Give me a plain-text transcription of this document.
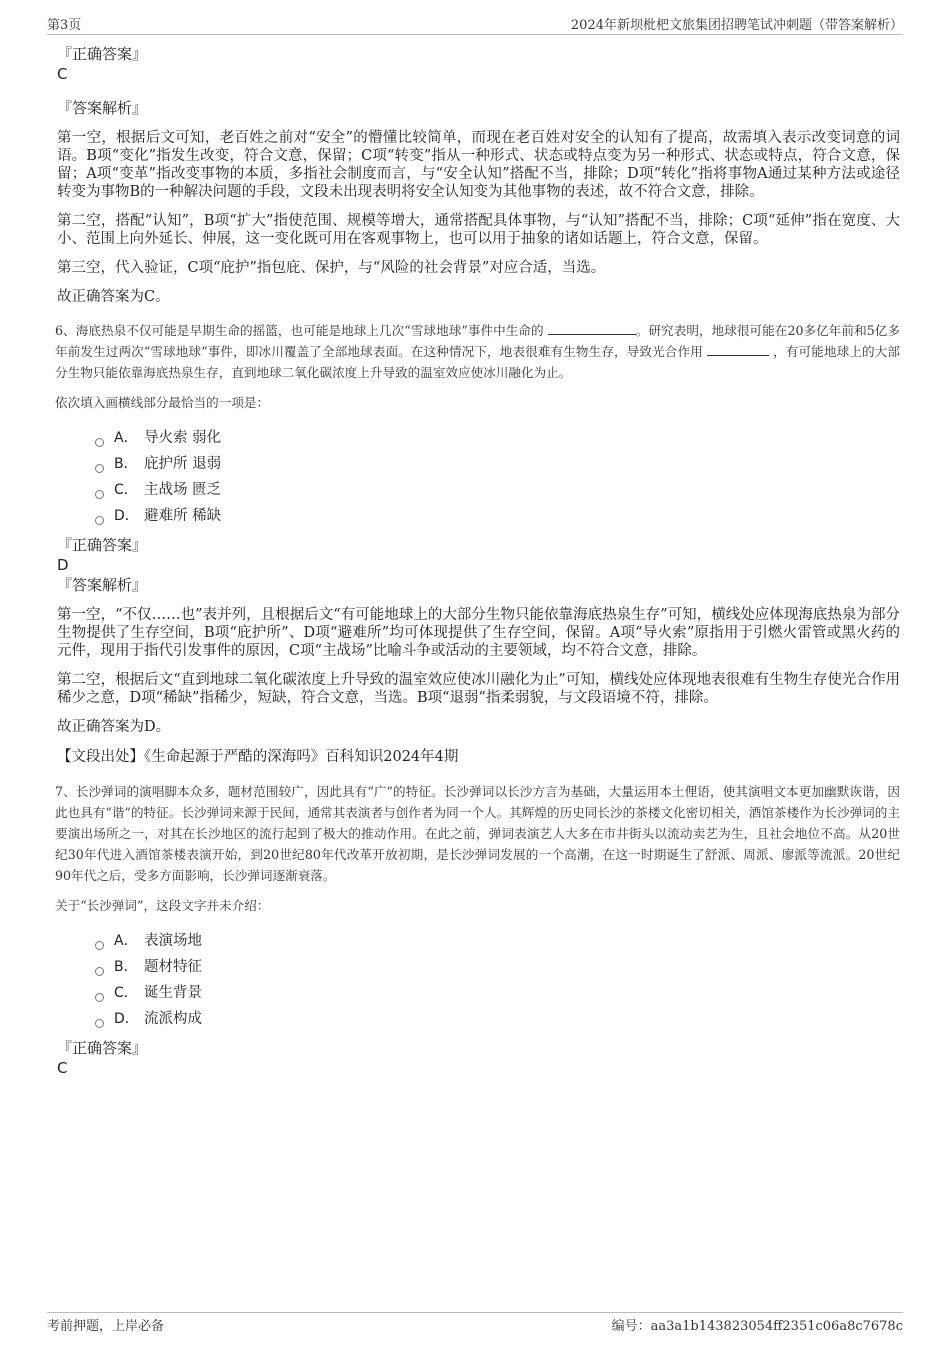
第3页	2024年新坝枇杷文旅集团招聘笔试冲刺题（带答案解析）
『正确答案』
C
『答案解析』

第一空，根据后文可知，老百姓之前对“安全”的懵懂比较简单，而现在老百姓对安全的认知有了提高，故需填入表示改变词意的词语。B项“变化”指发生改变，符合文意，保留；C项“转变”指从一种形式、状态或特点变为另一种形式、状态或特点，符合文意，保留；A项“变革”指改变事物的本质，多指社会制度而言，与“安全认知”搭配不当，排除；D项“转化”指将事物A通过某种方法或途径转变为事物B的一种解决问题的手段，文段未出现表明将安全认知变为其他事物的表述，故不符合文意，排除。

第二空，搭配“认知”，B项“扩大”指使范围、规模等增大，通常搭配具体事物，与“认知”搭配不当，排除；C项“延伸”指在宽度、大小、范围上向外延长、伸展，这一变化既可用在客观事物上，也可以用于抽象的诸如话题上，符合文意，保留。

第三空，代入验证，C项“庇护”指包庇、保护，与“风险的社会背景”对应合适，当选。

故正确答案为C。

6、海底热泉不仅可能是早期生命的摇篮，也可能是地球上几次“雪球地球”事件中生命的	。研究表明，地球很可能在20多亿年前和5亿多年前发生过两次“雪球地球”事件，即冰川覆盖了全部地球表面。在这种情况下，地表很难有生物生存，导致光合作用	，有可能地球上的大部分生物只能依靠海底热泉生存，直到地球二氧化碳浓度上升导致的温室效应使冰川融化为止。

依次填入画横线部分最恰当的一项是：

A． 导火索 弱化
B． 庇护所 退弱
C． 主战场 匮乏
D． 避难所 稀缺
『正确答案』
D
『答案解析』

第一空，“不仅……也”表并列，且根据后文“有可能地球上的大部分生物只能依靠海底热泉生存”可知，横线处应体现海底热泉为部分生物提供了生存空间，B项“庇护所”、D项“避难所”均可体现提供了生存空间，保留。A项“导火索”原指用于引燃火雷管或黑火药的元件，现用于指代引发事件的原因，C项“主战场”比喻斗争或活动的主要领域，均不符合文意，排除。

第二空，根据后文“直到地球二氧化碳浓度上升导致的温室效应使冰川融化为止”可知，横线处应体现地表很难有生物生存使光合作用稀少之意，D项“稀缺”指稀少，短缺，符合文意，当选。B项“退弱”指柔弱貌，与文段语境不符，排除。

故正确答案为D。

【文段出处】《生命起源于严酷的深海吗》百科知识2024年4期

7、长沙弹词的演唱脚本众多，题材范围较广，因此具有“广”的特征。长沙弹词以长沙方言为基础，大量运用本土俚语，使其演唱文本更加幽默诙谐，因此也具有“谐”的特征。长沙弹词来源于民间，通常其表演者与创作者为同一个人。其辉煌的历史同长沙的茶楼文化密切相关，酒馆茶楼作为长沙弹词的主要演出场所之一，对其在长沙地区的流行起到了极大的推动作用。在此之前，弹词表演艺人大多在市井街头以流动卖艺为生，且社会地位不高。从20世纪30年代进入酒馆茶楼表演开始，到20世纪80年代改革开放初期，是长沙弹词发展的一个高潮，在这一时期诞生了舒派、周派、廖派等流派。20世纪90年代之后，受多方面影响，长沙弹词逐渐衰落。

关于“长沙弹词”，这段文字并未介绍：

A． 表演场地
B． 题材特征
C． 诞生背景
D． 流派构成
『正确答案』
C
考前押题，上岸必备	编号：aa3a1b143823054ff2351c06a8c7678c
